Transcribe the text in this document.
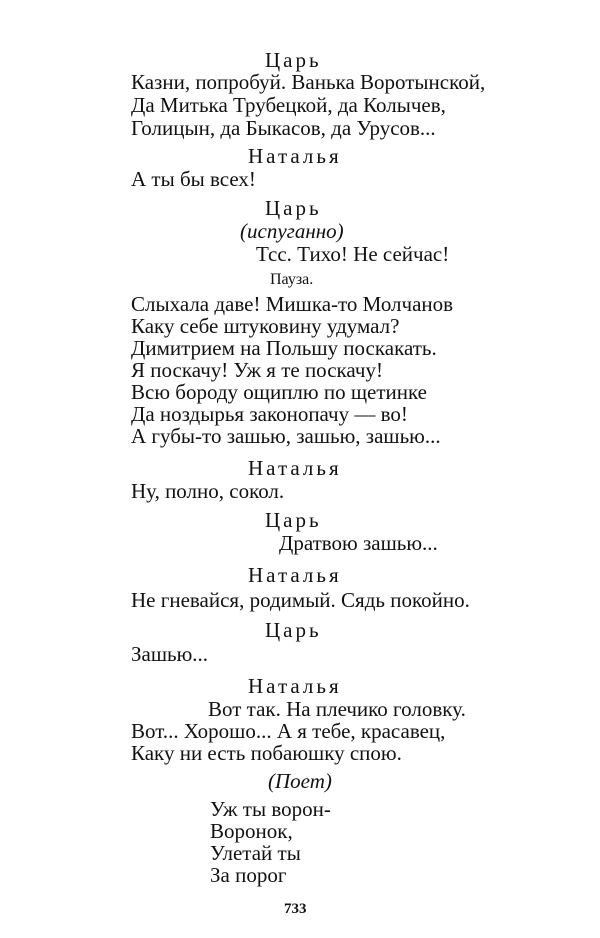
Царь
Казни, попробуй. Ванька Воротынской,
Да Митька Трубецкой, да Колычев,
Голицын, да Быкасов, да Урусов...
Наталья
А ты бы всех!
Царь
(испуганно)
Тсс. Тихо! Не сейчас!
Пауза.
Слыхала даве! Мишка-то Молчанов
Каку себе штуковину удумал?
Димитрием на Польшу поскакать.
Я поскачу! Уж я те поскачу!
Всю бороду ощиплю по щетинке
Да ноздырья законопачу — во!
А губы-то зашью, зашью, зашью...
Наталья
Ну, полно, сокол.
Царь
Дратвою зашью...
Наталья
Не гневайся, родимый. Сядь покойно.
Царь
Зашью...
Наталья
Вот так. На плечико головку.
Вот... Хорошо... А я тебе, красавец,
Каку ни есть побаюшку спою.
(Поет)
Уж ты ворон-
Воронок,
Улетай ты
За порог
733
